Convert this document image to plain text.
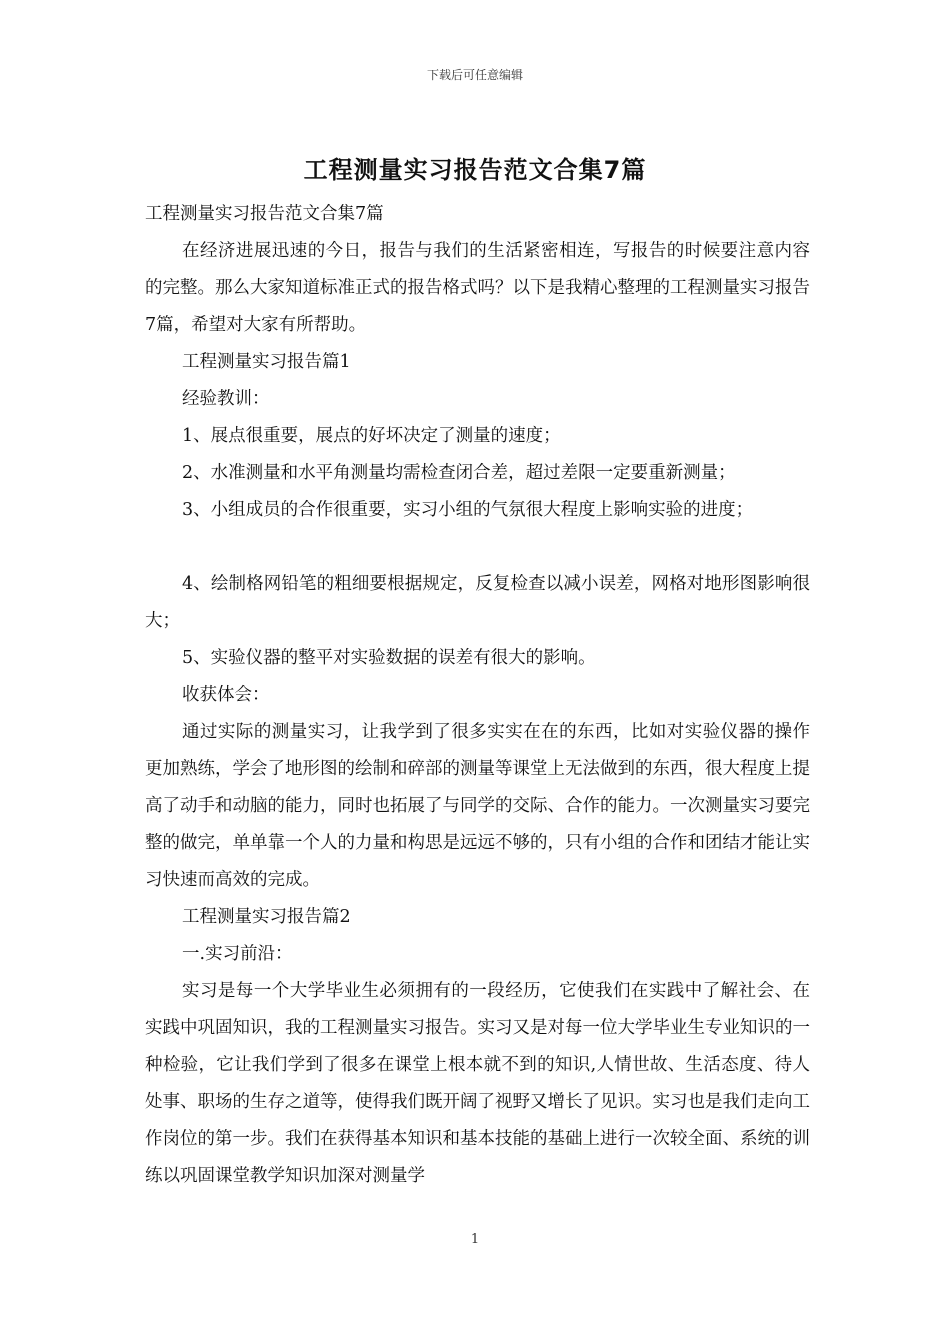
下载后可任意编辑
工程测量实习报告范文合集7篇

工程测量实习报告范文合集7篇

在经济进展迅速的今日，报告与我们的生活紧密相连，写报告的时候要注意内容的完整。那么大家知道标准正式的报告格式吗？以下是我精心整理的工程测量实习报告7篇，希望对大家有所帮助。

工程测量实习报告篇1

经验教训：

1、展点很重要，展点的好坏决定了测量的速度；

2、水准测量和水平角测量均需检查闭合差，超过差限一定要重新测量；

3、小组成员的合作很重要，实习小组的气氛很大程度上影响实验的进度；

4、绘制格网铅笔的粗细要根据规定，反复检查以减小误差，网格对地形图影响很大；

5、实验仪器的整平对实验数据的误差有很大的影响。

收获体会：

通过实际的测量实习，让我学到了很多实实在在的东西，比如对实验仪器的操作更加熟练，学会了地形图的绘制和碎部的测量等课堂上无法做到的东西，很大程度上提高了动手和动脑的能力，同时也拓展了与同学的交际、合作的能力。一次测量实习要完整的做完，单单靠一个人的力量和构思是远远不够的，只有小组的合作和团结才能让实习快速而高效的完成。

工程测量实习报告篇2

一.实习前沿：

实习是每一个大学毕业生必须拥有的一段经历，它使我们在实践中了解社会、在实践中巩固知识，我的工程测量实习报告。实习又是对每一位大学毕业生专业知识的一种检验，它让我们学到了很多在课堂上根本就不到的知识,人情世故、生活态度、待人处事、职场的生存之道等，使得我们既开阔了视野又增长了见识。实习也是我们走向工作岗位的第一步。我们在获得基本知识和基本技能的基础上进行一次较全面、系统的训练以巩固课堂教学知识加深对测量学

1
